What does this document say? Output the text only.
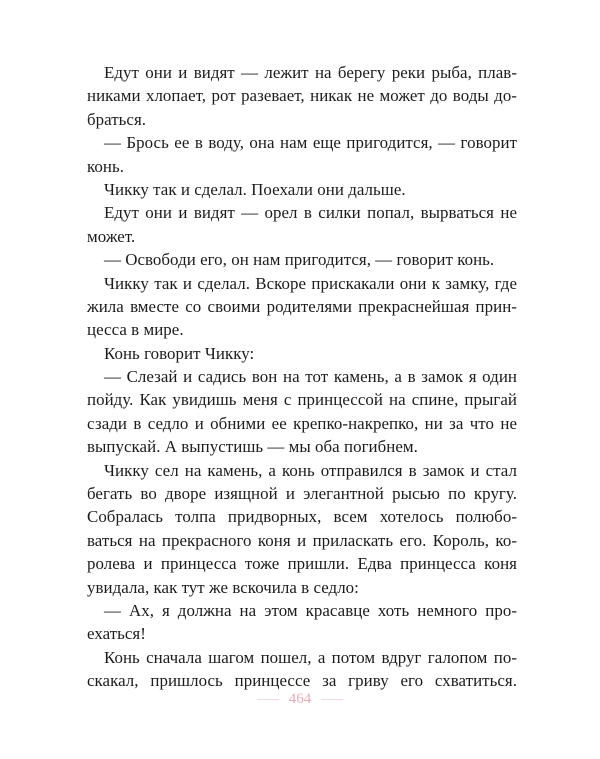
Едут они и видят — лежит на берегу реки рыба, плав-
никами хлопает, рот разевает, никак не может до воды до-
браться.
— Брось ее в воду, она нам еще пригодится, — говорит
конь.
Чикку так и сделал. Поехали они дальше.
Едут они и видят — орел в силки попал, вырваться не
может.
— Освободи его, он нам пригодится, — говорит конь.
Чикку так и сделал. Вскоре прискакали они к замку, где
жила вместе со своими родителями прекраснейшая прин-
цесса в мире.
Конь говорит Чикку:
— Слезай и садись вон на тот камень, а в замок я один
пойду. Как увидишь меня с принцессой на спине, прыгай
сзади в седло и обними ее крепко-накрепко, ни за что не
выпускай. А выпустишь — мы оба погибнем.
Чикку сел на камень, а конь отправился в замок и стал
бегать во дворе изящной и элегантной рысью по кругу.
Собралась толпа придворных, всем хотелось полюбо-
ваться на прекрасного коня и приласкать его. Король, ко-
ролева и принцесса тоже пришли. Едва принцесса коня
увидала, как тут же вскочила в седло:
— Ах, я должна на этом красавце хоть немного про-
ехаться!
Конь сначала шагом пошел, а потом вдруг галопом по-
скакал, пришлось принцессе за гриву его схватиться.
464
